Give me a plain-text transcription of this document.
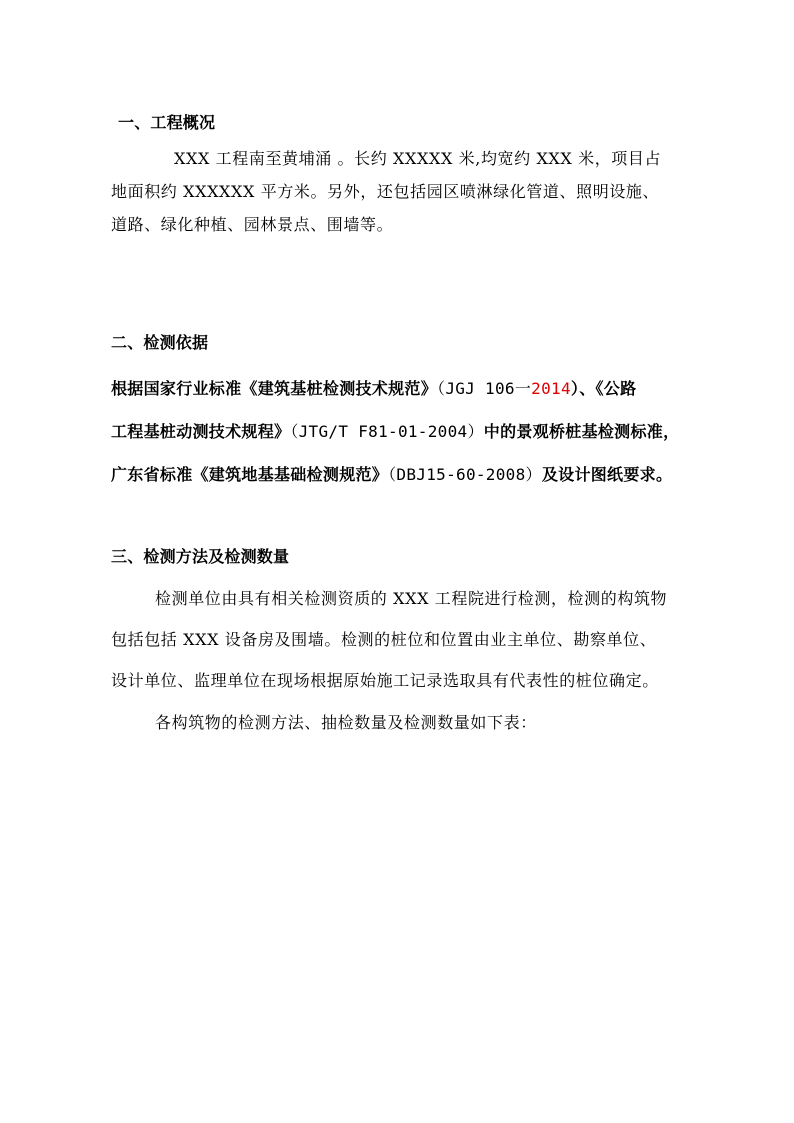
一、工程概况
XXX 工程南至黄埔涌 。长约 XXXXX 米,均宽约 XXX 米，项目占
地面积约 XXXXXX 平方米。另外，还包括园区喷淋绿化管道、照明设施、
道路、绿化种植、园林景点、围墙等。
二、检测依据
根据国家行业标准《建筑基桩检测技术规范》（JGJ 106一2014）、《公路
工程基桩动测技术规程》（JTG/T F81-01-2004）中的景观桥桩基检测标准，
广东省标准《建筑地基基础检测规范》（DBJ15-60-2008）及设计图纸要求。
三、检测方法及检测数量
检测单位由具有相关检测资质的 XXX 工程院进行检测，检测的构筑物
包括包括 XXX 设备房及围墙。检测的桩位和位置由业主单位、勘察单位、
设计单位、监理单位在现场根据原始施工记录选取具有代表性的桩位确定。
各构筑物的检测方法、抽检数量及检测数量如下表：
